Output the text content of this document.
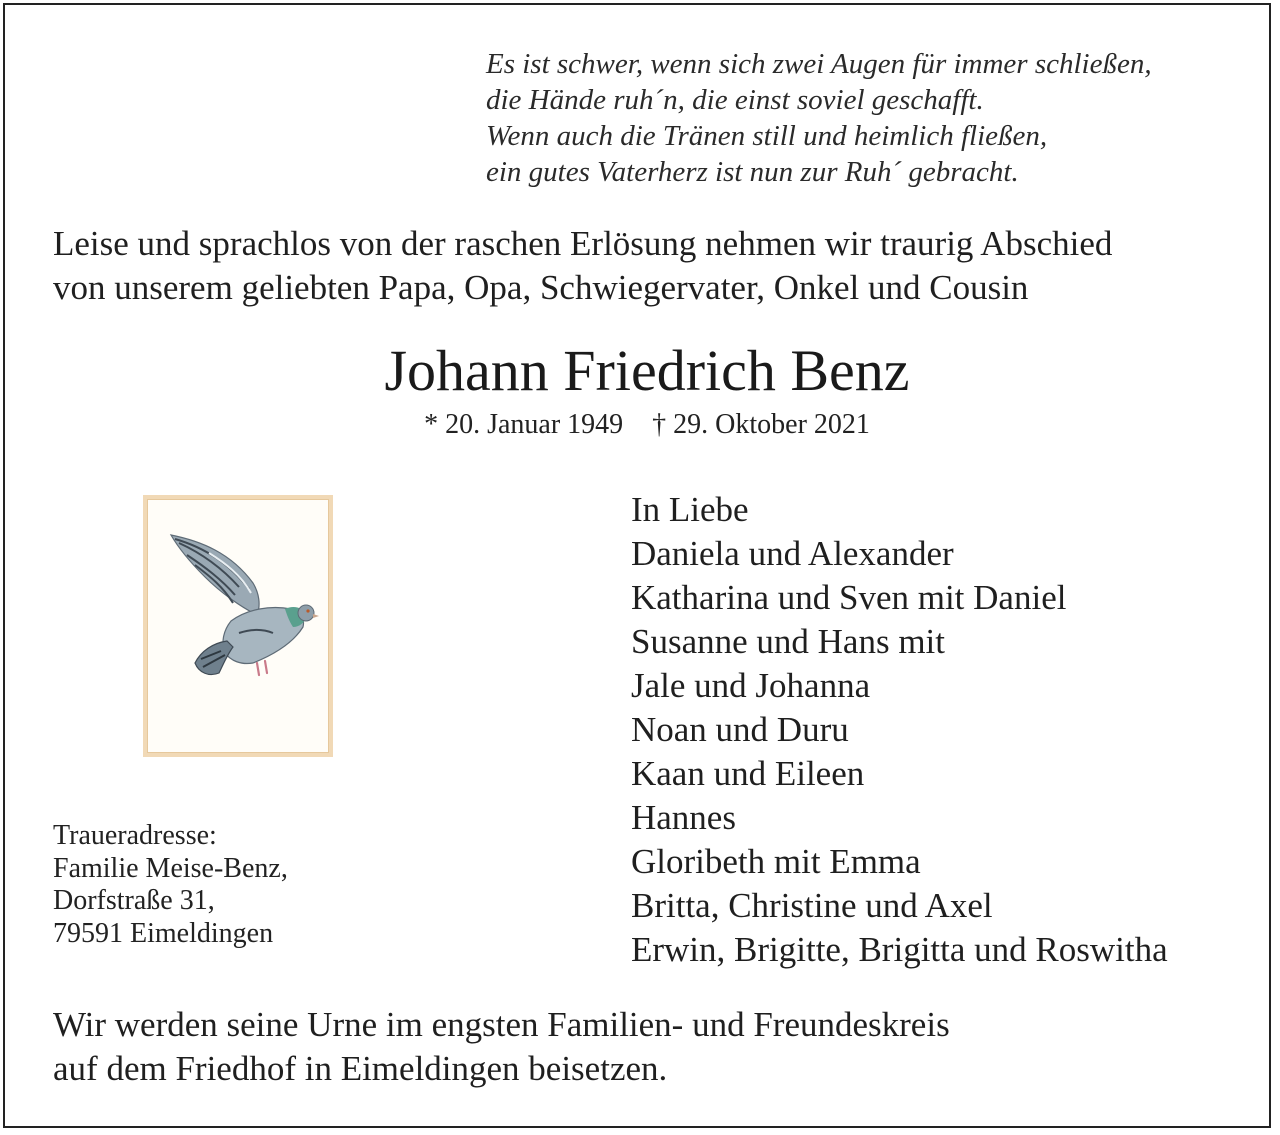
Es ist schwer, wenn sich zwei Augen für immer schließen,
die Hände ruh´n, die einst soviel geschafft.
Wenn auch die Tränen still und heimlich fließen,
ein gutes Vaterherz ist nun zur Ruh´ gebracht.
Leise und sprachlos von der raschen Erlösung nehmen wir traurig Abschied
von unserem geliebten Papa, Opa, Schwiegervater, Onkel und Cousin
Johann Friedrich Benz
* 20. Januar 1949 † 29. Oktober 2021
In Liebe
Daniela und Alexander
Katharina und Sven mit Daniel
Susanne und Hans mit
Jale und Johanna
Noan und Duru
Kaan und Eileen
Hannes
Gloribeth mit Emma
Britta, Christine und Axel
Erwin, Brigitte, Brigitta und Roswitha
Traueradresse:
Familie Meise-Benz,
Dorfstraße 31,
79591 Eimeldingen
Wir werden seine Urne im engsten Familien- und Freundeskreis
auf dem Friedhof in Eimeldingen beisetzen.
